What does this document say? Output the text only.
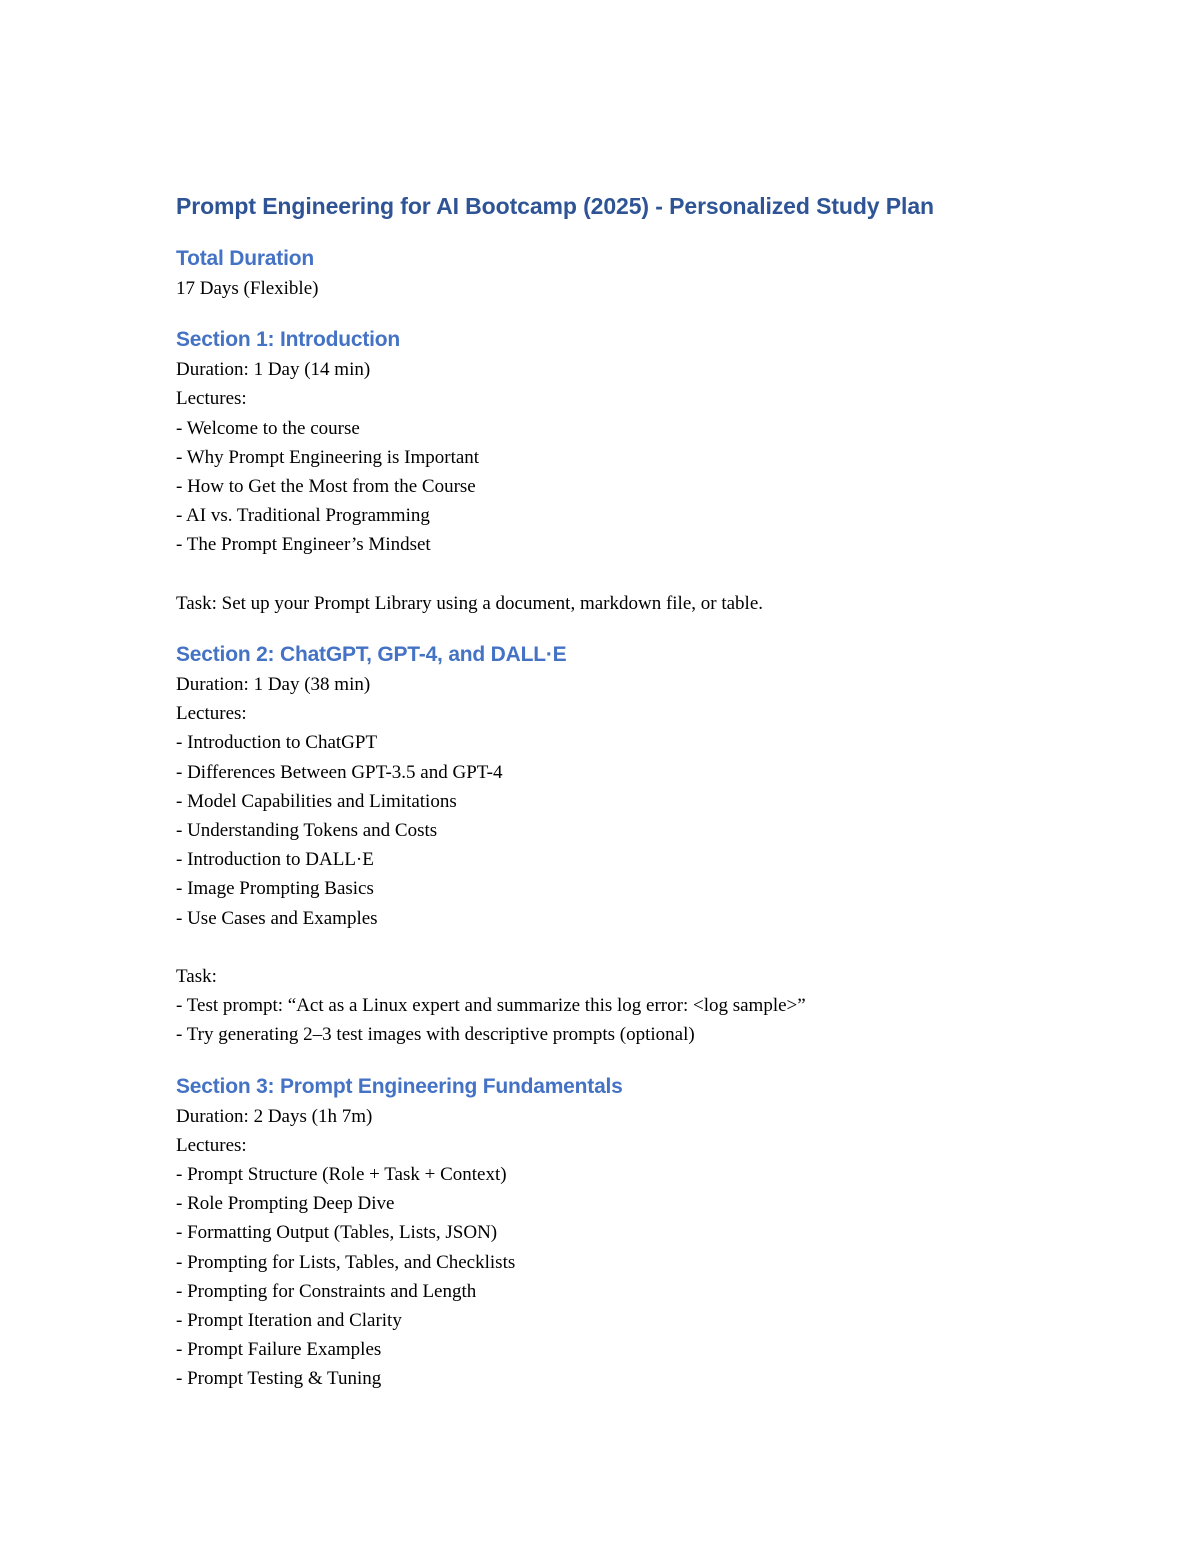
Prompt Engineering for AI Bootcamp (2025) - Personalized Study Plan

Total Duration

17 Days (Flexible)

Section 1: Introduction

Duration: 1 Day (14 min)

Lectures:

- Welcome to the course

- Why Prompt Engineering is Important

- How to Get the Most from the Course

- AI vs. Traditional Programming

- The Prompt Engineer’s Mindset

Task: Set up your Prompt Library using a document, markdown file, or table.

Section 2: ChatGPT, GPT-4, and DALL·E

Duration: 1 Day (38 min)

Lectures:

- Introduction to ChatGPT

- Differences Between GPT-3.5 and GPT-4

- Model Capabilities and Limitations

- Understanding Tokens and Costs

- Introduction to DALL·E

- Image Prompting Basics

- Use Cases and Examples

Task:

- Test prompt: “Act as a Linux expert and summarize this log error: <log sample>”

- Try generating 2–3 test images with descriptive prompts (optional)

Section 3: Prompt Engineering Fundamentals

Duration: 2 Days (1h 7m)

Lectures:

- Prompt Structure (Role + Task + Context)

- Role Prompting Deep Dive

- Formatting Output (Tables, Lists, JSON)

- Prompting for Lists, Tables, and Checklists

- Prompting for Constraints and Length

- Prompt Iteration and Clarity

- Prompt Failure Examples

- Prompt Testing & Tuning
